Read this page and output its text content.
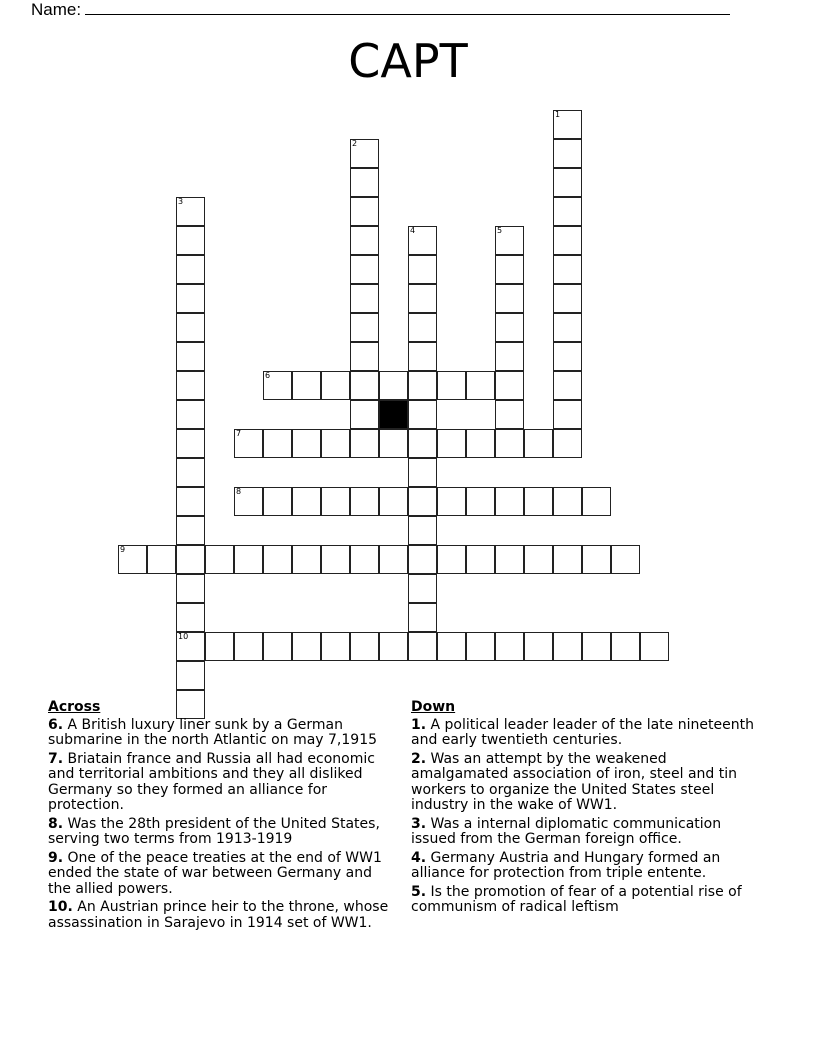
Name:
CAPT
1
2
3
10
4	5
6
7
8
9
Across
6. A British luxury liner sunk by a German submarine in the north Atlantic on may 7,1915
7. Briatain france and Russia all had economic and territorial ambitions and they all disliked Germany so they formed an alliance for protection.
8. Was the 28th president of the United States, serving two terms from 1913-1919
9. One of the peace treaties at the end of WW1 ended the state of war between Germany and the allied powers.
10. An Austrian prince heir to the throne, whose assassination in Sarajevo in 1914 set of WW1.
Down
1. A political leader leader of the late nineteenth and early twentieth centuries.
2. Was an attempt by the weakened amalgamated association of iron, steel and tin workers to organize the United States steel industry in the wake of WW1.
3. Was a internal diplomatic communication issued from the German foreign office.
4. Germany Austria and Hungary formed an alliance for protection from triple entente.
5. Is the promotion of fear of a potential rise of communism of radical leftism
